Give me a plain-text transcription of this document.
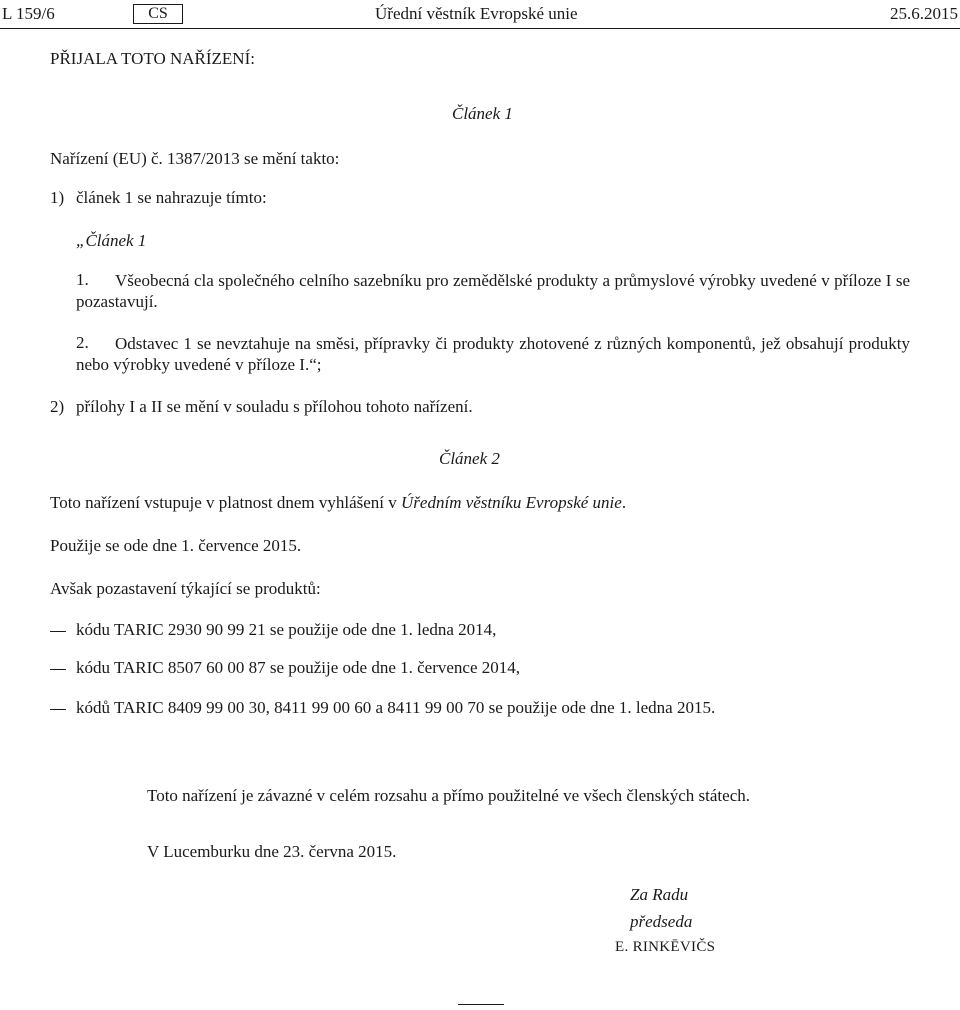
L 159/6	CS	Úřední věstník Evropské unie	25.6.2015
PŘIJALA TOTO NAŘÍZENÍ:
Článek 1
Nařízení (EU) č. 1387/2013 se mění takto:
1) článek 1 se nahrazuje tímto:
„Článek 1
1.	Všeobecná cla společného celního sazebníku pro zemědělské produkty a průmyslové výrobky uvedené v příloze I se pozastavují.
2.	Odstavec 1 se nevztahuje na směsi, přípravky či produkty zhotovené z různých komponentů, jež obsahují produkty nebo výrobky uvedené v příloze I.“;
2) přílohy I a II se mění v souladu s přílohou tohoto nařízení.
Článek 2
Toto nařízení vstupuje v platnost dnem vyhlášení v Úředním věstníku Evropské unie.
Použije se ode dne 1. července 2015.
Avšak pozastavení týkající se produktů:
kódu TARIC 2930 90 99 21 se použije ode dne 1. ledna 2014,
kódu TARIC 8507 60 00 87 se použije ode dne 1. července 2014,
kódů TARIC 8409 99 00 30, 8411 99 00 60 a 8411 99 00 70 se použije ode dne 1. ledna 2015.
Toto nařízení je závazné v celém rozsahu a přímo použitelné ve všech členských státech.
V Lucemburku dne 23. června 2015.
Za Radu
předseda
E. RINKĒVIČS
